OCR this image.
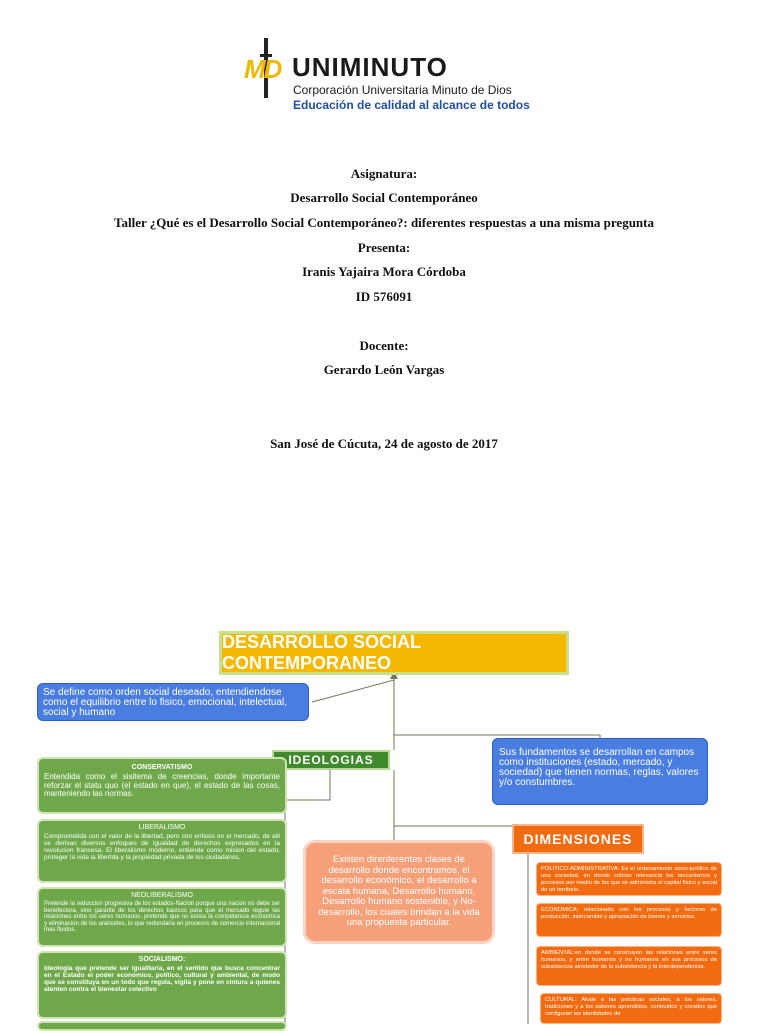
MD UNIMINUTO
Corporación Universitaria Minuto de Dios
Educación de calidad al alcance de todos
Asignatura:
Desarrollo Social Contemporáneo
Taller ¿Qué es el Desarrollo Social Contemporáneo?: diferentes respuestas a una misma pregunta
Presenta:
Iranis Yajaira Mora Córdoba
ID 576091
Docente:
Gerardo León Vargas
San José de Cúcuta, 24 de agosto de 2017
DESARROLLO SOCIAL CONTEMPORANEO
Se define como orden social deseado, entendiendose como el equilibrio entre lo fisico, emocional, intelectual, social y humano
Sus fundamentos se desarrollan en campos como instituciones (estado, mercado, y sociedad) que tienen normas, reglas, valores y/o constumbres.
IDEOLOGIAS
CONSERVATISMO
Entendida como el sisitema de creencias, donde importante reforzar el statu quo (el estado en que), el estado de las cosas, manteniendo las normas.
LIBERALISMO
Comprometida con el valor de la libertad, pero con enfasis en el mercado, de alli se derivan diversos enfoques de igualdad de derechos expresados en la revolucion francesa. El liberalismo moderno, entiende como mision del estado, proteger la vida la libertda y la propiedad privada de los ciudadanos.
NEOLIBERALISMO
Pretende la reduccion progresiva de los estados-Nacion porque una nacion no debe ser benefectora, sino garante de los derechos basicos para que el mercado regule las relaciones entre los seres humanos, pretende que no exista la competencia economica y eliminacion de los aranceles, lo que redundaria en procesos de comercio internacional mas fluidos.
SOCIALISMO:
Ideología que pretende ser igualitaria, en el sentido que busca concentrar en el Estado el poder económico, político, cultural y ambiental, de modo que se constituya en un todo que regula, vigila y pone en cintura a quienes atenten contra el bienestar colectivo
Existen direnferentes clases de desarrollo donde encontramos, el desarrollo económico, el desarrollo a escala humana, Desarrollo humano, Desarrollo humano sostenible, y No-desarrollo, los cuales brindan a la vida una propuesta particular.
DIMENSIONES
POLITICO-ADMINISTRATIVA: Es el ordenamiento socio-jurídico de una sociedad, en donde cobran relevancia los mecanismos y procesos por medio de los que se administra el capital físico y social de un territorio.
ECONOMICA: relacionada con los procesos y factores de producción, intercambio y apropiación de bienes y servicios.
AMBIENTAL:en donde se construyen las relaciones entre seres humanos, y entre humanos y no humanos en sus procesos de subsistencia alrededor de la subsistencia y la interdependencia.
CULTURAL: Alude a las prácticas sociales, a los valores, tradiciones y a los saberes aprendidos, contruidos y creados que configuran las identidades de
